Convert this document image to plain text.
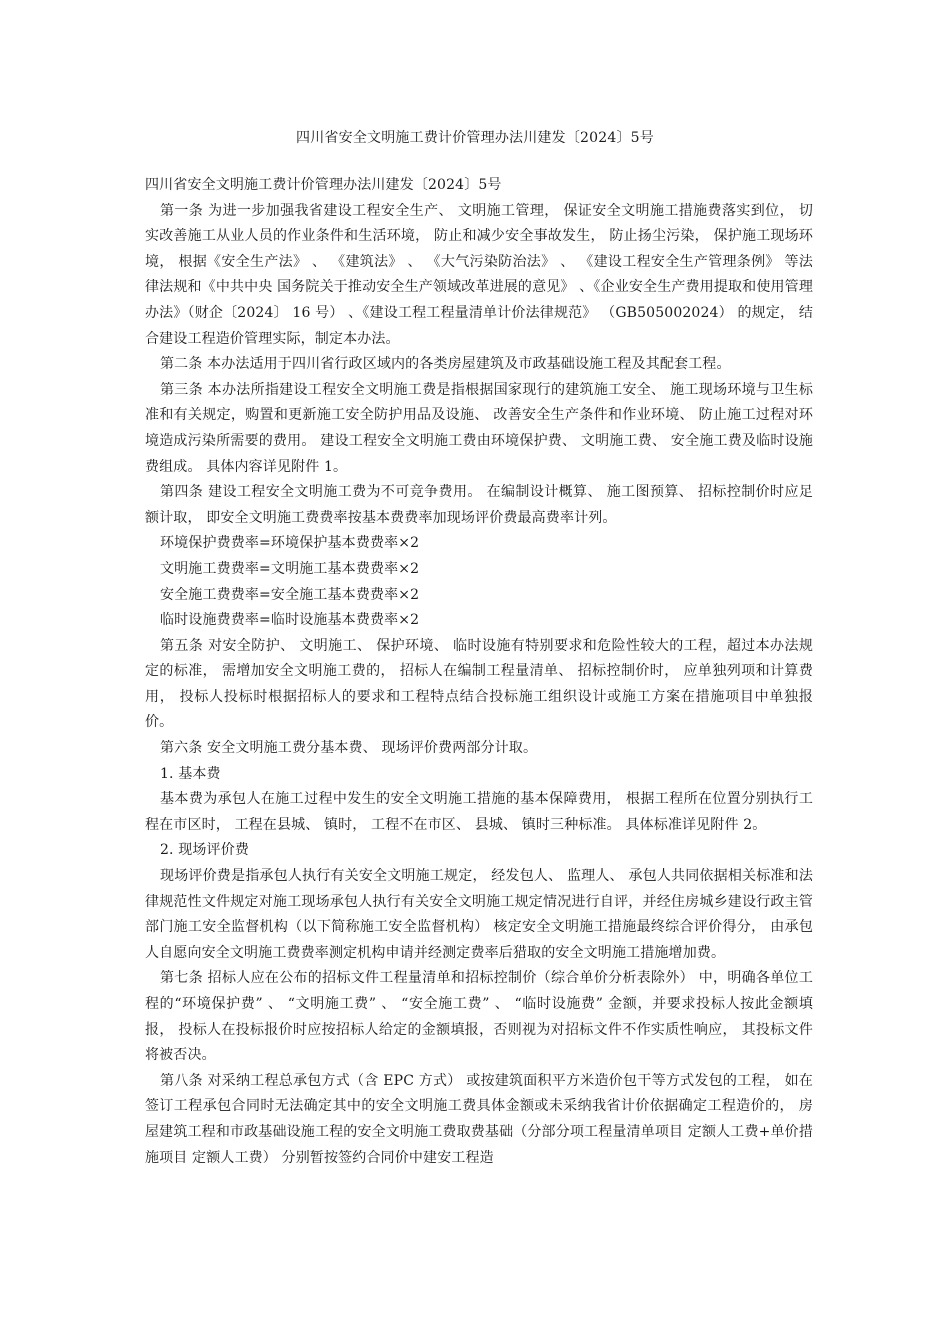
四川省安全文明施工费计价管理办法川建发〔2024〕5号

四川省安全文明施工费计价管理办法川建发〔2024〕5号

第一条 为进一步加强我省建设工程安全生产、 文明施工管理， 保证安全文明施工措施费落实到位， 切实改善施工从业人员的作业条件和生活环境， 防止和减少安全事故发生， 防止扬尘污染， 保护施工现场环境， 根据《安全生产法》 、 《建筑法》 、 《大气污染防治法》 、 《建设工程安全生产管理条例》 等法律法规和《中共中央 国务院关于推动安全生产领域改革进展的意见》 、《企业安全生产费用提取和使用管理办法》（财企〔2024〕 16 号） 、《建设工程工程量清单计价法律规范》 （GB505002024） 的规定， 结合建设工程造价管理实际，制定本办法。

第二条 本办法适用于四川省行政区域内的各类房屋建筑及市政基础设施工程及其配套工程。

第三条 本办法所指建设工程安全文明施工费是指根据国家现行的建筑施工安全、 施工现场环境与卫生标准和有关规定，购置和更新施工安全防护用品及设施、 改善安全生产条件和作业环境、 防止施工过程对环境造成污染所需要的费用。 建设工程安全文明施工费由环境保护费、 文明施工费、 安全施工费及临时设施费组成。 具体内容详见附件 1。

第四条 建设工程安全文明施工费为不可竞争费用。 在编制设计概算、 施工图预算、 招标控制价时应足额计取， 即安全文明施工费费率按基本费费率加现场评价费最高费率计列。

环境保护费费率=环境保护基本费费率×2

文明施工费费率=文明施工基本费费率×2

安全施工费费率=安全施工基本费费率×2

临时设施费费率=临时设施基本费费率×2

第五条 对安全防护、 文明施工、 保护环境、 临时设施有特别要求和危险性较大的工程，超过本办法规定的标准， 需增加安全文明施工费的， 招标人在编制工程量清单、 招标控制价时， 应单独列项和计算费用， 投标人投标时根据招标人的要求和工程特点结合投标施工组织设计或施工方案在措施项目中单独报价。

第六条 安全文明施工费分基本费、 现场评价费两部分计取。

1. 基本费

基本费为承包人在施工过程中发生的安全文明施工措施的基本保障费用， 根据工程所在位置分别执行工程在市区时， 工程在县城、 镇时， 工程不在市区、 县城、 镇时三种标准。 具体标准详见附件 2。

2. 现场评价费

现场评价费是指承包人执行有关安全文明施工规定， 经发包人、 监理人、 承包人共同依据相关标准和法律规范性文件规定对施工现场承包人执行有关安全文明施工规定情况进行自评，并经住房城乡建设行政主管部门施工安全监督机构（以下简称施工安全监督机构） 核定安全文明施工措施最终综合评价得分， 由承包人自愿向安全文明施工费费率测定机构申请并经测定费率后猎取的安全文明施工措施增加费。

第七条 招标人应在公布的招标文件工程量清单和招标控制价（综合单价分析表除外） 中，明确各单位工程的“环境保护费” 、 “文明施工费” 、 “安全施工费” 、 “临时设施费” 金额，并要求投标人按此金额填报， 投标人在投标报价时应按招标人给定的金额填报，否则视为对招标文件不作实质性响应， 其投标文件将被否决。

第八条 对采纳工程总承包方式（含 EPC 方式） 或按建筑面积平方米造价包干等方式发包的工程， 如在签订工程承包合同时无法确定其中的安全文明施工费具体金额或未采纳我省计价依据确定工程造价的， 房屋建筑工程和市政基础设施工程的安全文明施工费取费基础（分部分项工程量清单项目 定额人工费+单价措施项目 定额人工费） 分别暂按签约合同价中建安工程造
